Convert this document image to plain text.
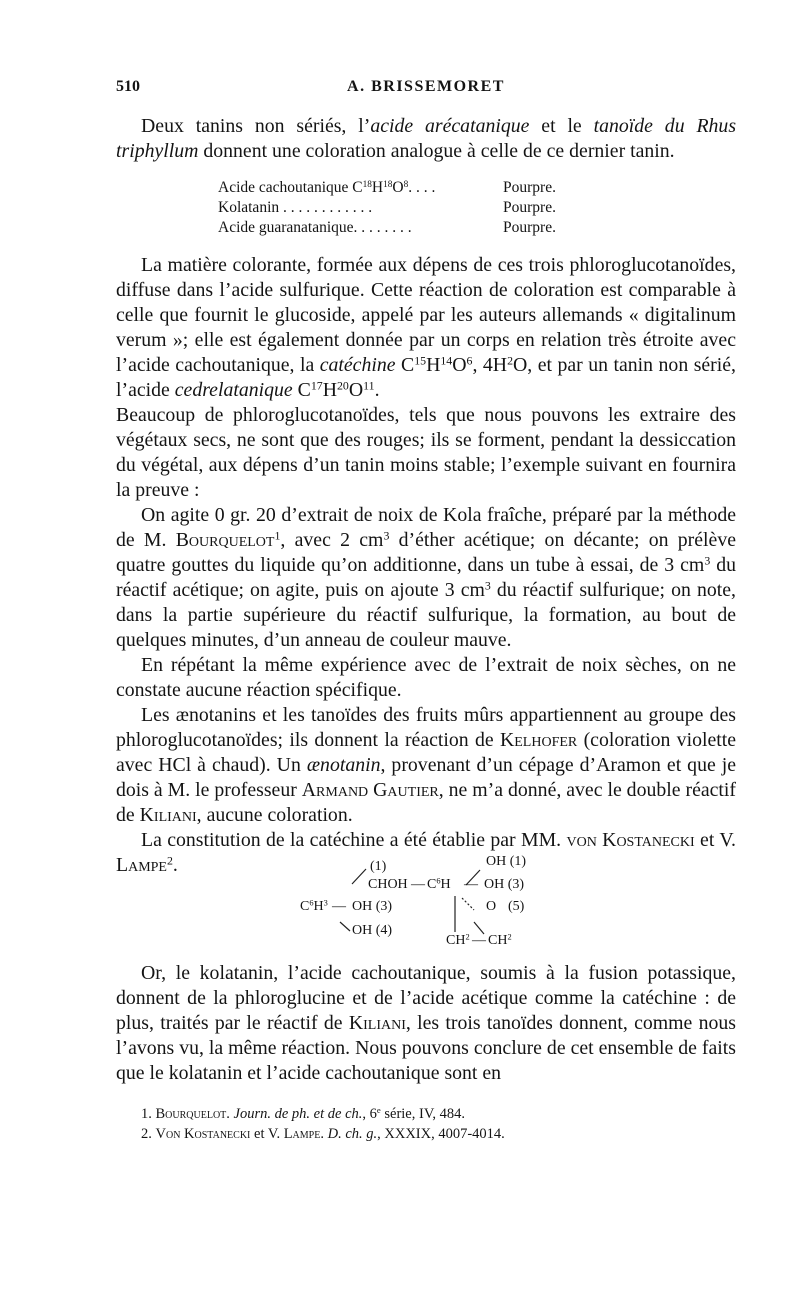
510	A. BRISSEMORET

Deux tanins non sériés, l’acide arécatanique et le tanoïde du Rhus triphyllum donnent une coloration analogue à celle de ce dernier tanin.

Acide cachoutanique $C^{18}H^{18}O^8$. . . .	Pourpre.
Kolatanin . . . . . . . . . . . .	Pourpre.
Acide guaranatanique. . . . . . . .	Pourpre.

La matière colorante, formée aux dépens de ces trois phloroglucotanoïdes, diffuse dans l’acide sulfurique. Cette réaction de coloration est comparable à celle que fournit le glucoside, appelé par les auteurs allemands « digitalinum verum »; elle est également donnée par un corps en relation très étroite avec l’acide cachoutanique, la catéchine $C^{15}H^{14}O^6$, $4H^2O$, et par un tanin non sérié, l’acide cedrelatanique $C^{17}H^{20}O^{11}$.

Beaucoup de phloroglucotanoïdes, tels que nous pouvons les extraire des végétaux secs, ne sont que des rouges; ils se forment, pendant la dessiccation du végétal, aux dépens d’un tanin moins stable; l’exemple suivant en fournira la preuve :

On agite 0 gr. 20 d’extrait de noix de Kola fraîche, préparé par la méthode de M. Bourquelot$^1$, avec 2 $cm^3$ d’éther acétique; on décante; on prélève quatre gouttes du liquide qu’on additionne, dans un tube à essai, de 3 $cm^3$ du réactif acétique; on agite, puis on ajoute 3 $cm^3$ du réactif sulfurique; on note, dans la partie supérieure du réactif sulfurique, la formation, au bout de quelques minutes, d’un anneau de couleur mauve.

En répétant la même expérience avec de l’extrait de noix sèches, on ne constate aucune réaction spécifique.

Les ænotanins et les tanoïdes des fruits mûrs appartiennent au groupe des phloroglucotanoïdes; ils donnent la réaction de Kelhofer (coloration violette avec HCl à chaud). Un ænotanin, provenant d’un cépage d’Aramon et que je dois à M. le professeur Armand Gautier, ne m’a donné, avec le double réactif de Kiliani, aucune coloration.

La constitution de la catéchine a été établie par MM. von Kostanecki et V. Lampe$^2$.	(1)	OH (1)
CHOH — $C^6H$ — OH (3)
$C^6H^3$ — OH (3)	O (5)
OH (4)
$CH^2$ — $CH^2$

Or, le kolatanin, l’acide cachoutanique, soumis à la fusion potassique, donnent de la phloroglucine et de l’acide acétique comme la catéchine : de plus, traités par le réactif de Kiliani, les trois tanoïdes donnent, comme nous l’avons vu, la même réaction. Nous pouvons conclure de cet ensemble de faits que le kolatanin et l’acide cachoutanique sont en

1. Bourquelot. Journ. de ph. et de ch., 6e série, IV, 484.

2. Von Kostanecki et V. Lampe. D. ch. g., XXXIX, 4007-4014.
